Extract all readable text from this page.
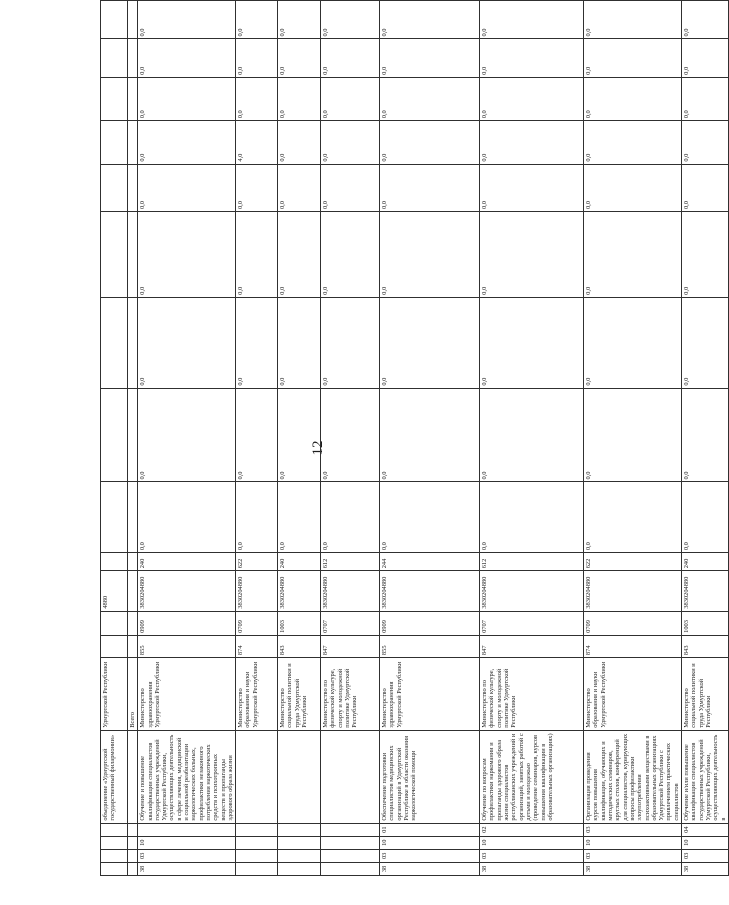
12
				объединение «Удмуртской государственный филармонии»	Удмуртской Республики			4880										
					Всего													
38	03	10		Обучение и повышение квалификации специалистов государственных учреждений Удмуртской Республики, осуществляющих деятельность в сфере лечения, медицинской и социальной реабилитации наркологических больных, профилактики незаконного потребления наркотических средств и психотропных веществ и пропаганды здорового образа жизни	Министерство здравоохранения Удмуртской Республики	855	0909	3830204880	240	0,0	0,0	0,0	0,0	0,0	0,0	0,0	0,0	0,0
					Министерство образования и науки Удмуртской Республики	874	0709	3830204880	622	0,0	0,0	0,0	0,0	0,0	4,0	0,0	0,0	0,0
					Министерство социальной политики и труда Удмуртской Республики	843	1003	3830204880	240	0,0	0,0	0,0	0,0	0,0	0,0	0,0	0,0	0,0
					Министерство по физической культуре, спорту и молодежной политике Удмуртской Республики	847	0707	3830204880	612	0,0	0,0	0,0	0,0	0,0	0,0	0,0	0,0	0,0
38	03	10	01	Обеспечение подготовки специалистов медицинских организаций в Удмуртской Республике в области оказания наркологической помощи	Министерство здравоохранения Удмуртской Республики	855	0909	3830204880	244	0,0	0,0	0,0	0,0	0,0	0,0	0,0	0,0	0,0
38	03	10	02	Обучение по вопросам профилактики наркомании и пропаганды здорового образа жизни специалистов республиканских учреждений и организаций, занятых работой с детьми и молодежью (проведение семинаров, курсов повышения квалификации в образовательных организациях)	Министерство по физической культуре, спорту и молодежной политике Удмуртской Республики	847	0707	3830204880	612	0,0	0,0	0,0	0,0	0,0	0,0	0,0	0,0	0,0
38	03	10	03	Организация проведения курсов повышения квалификации, обучающих и методических семинаров, круглых столов, конференций для специалистов, курирующих вопросы профилактики злоупотребления психоактивными веществами в образовательных организациях Удмуртской Республики с привлечением практических специалистов	Министерство образования и науки Удмуртской Республики	874	0709	3830204880	622	0,0	0,0	0,0	0,0	0,0	0,0	0,0	0,0	0,0
38	03	10	04	Обучение и/или повышение квалификации специалистов государственных учреждений Удмуртской Республики, осуществляющих деятельность в	Министерство социальной политики и труда Удмуртской Республики	843	1003	3830204880	240	0,0	0,0	0,0	0,0	0,0	0,0	0,0	0,0	0,0
